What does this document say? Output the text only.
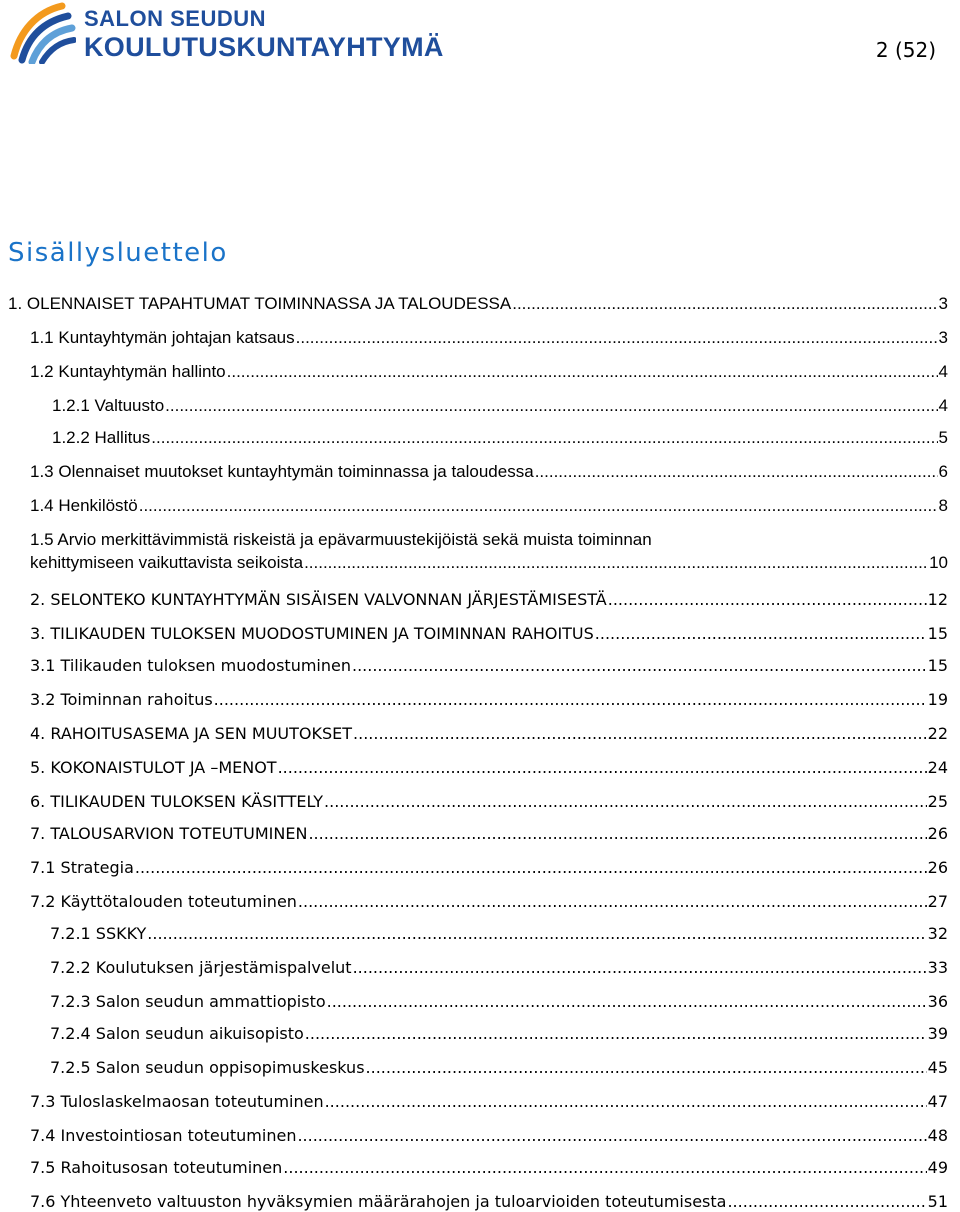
SALON SEUDUN
KOULUTUSKUNTAYHTYMÄ	2 (52)
Sisällysluettelo
1. OLENNAISET TAPAHTUMAT TOIMINNASSA JA TALOUDESSA .....	3
1.1 Kuntayhtymän johtajan katsaus .....	3
1.2 Kuntayhtymän hallinto .....	4
1.2.1 Valtuusto .....	4
1.2.2 Hallitus .....	5
1.3 Olennaiset muutokset kuntayhtymän toiminnassa ja taloudessa .....	6
1.4 Henkilöstö .....	8
1.5 Arvio merkittävimmistä riskeistä ja epävarmuustekijöistä sekä muista toiminnan
kehittymiseen vaikuttavista seikoista .....	10
2. SELONTEKO KUNTAYHTYMÄN SISÄISEN VALVONNAN JÄRJESTÄMISESTÄ .....	12
3. TILIKAUDEN TULOKSEN MUODOSTUMINEN JA TOIMINNAN RAHOITUS .....	15
3.1 Tilikauden tuloksen muodostuminen .....	15
3.2 Toiminnan rahoitus .....	19
4. RAHOITUSASEMA JA SEN MUUTOKSET .....	22
5. KOKONAISTULOT JA –MENOT .....	24
6. TILIKAUDEN TULOKSEN KÄSITTELY .....	25
7. TALOUSARVION TOTEUTUMINEN .....	26
7.1 Strategia .....	26
7.2 Käyttötalouden toteutuminen .....	27
7.2.1 SSKKY .....	32
7.2.2 Koulutuksen järjestämispalvelut .....	33
7.2.3 Salon seudun ammattiopisto .....	36
7.2.4 Salon seudun aikuisopisto .....	39
7.2.5 Salon seudun oppisopimuskeskus .....	45
7.3 Tuloslaskelmaosan toteutuminen .....	47
7.4 Investointiosan toteutuminen .....	48
7.5 Rahoitusosan toteutuminen .....	49
7.6 Yhteenveto valtuuston hyväksymien määrärahojen ja tuloarvioiden toteutumisesta .....	51
